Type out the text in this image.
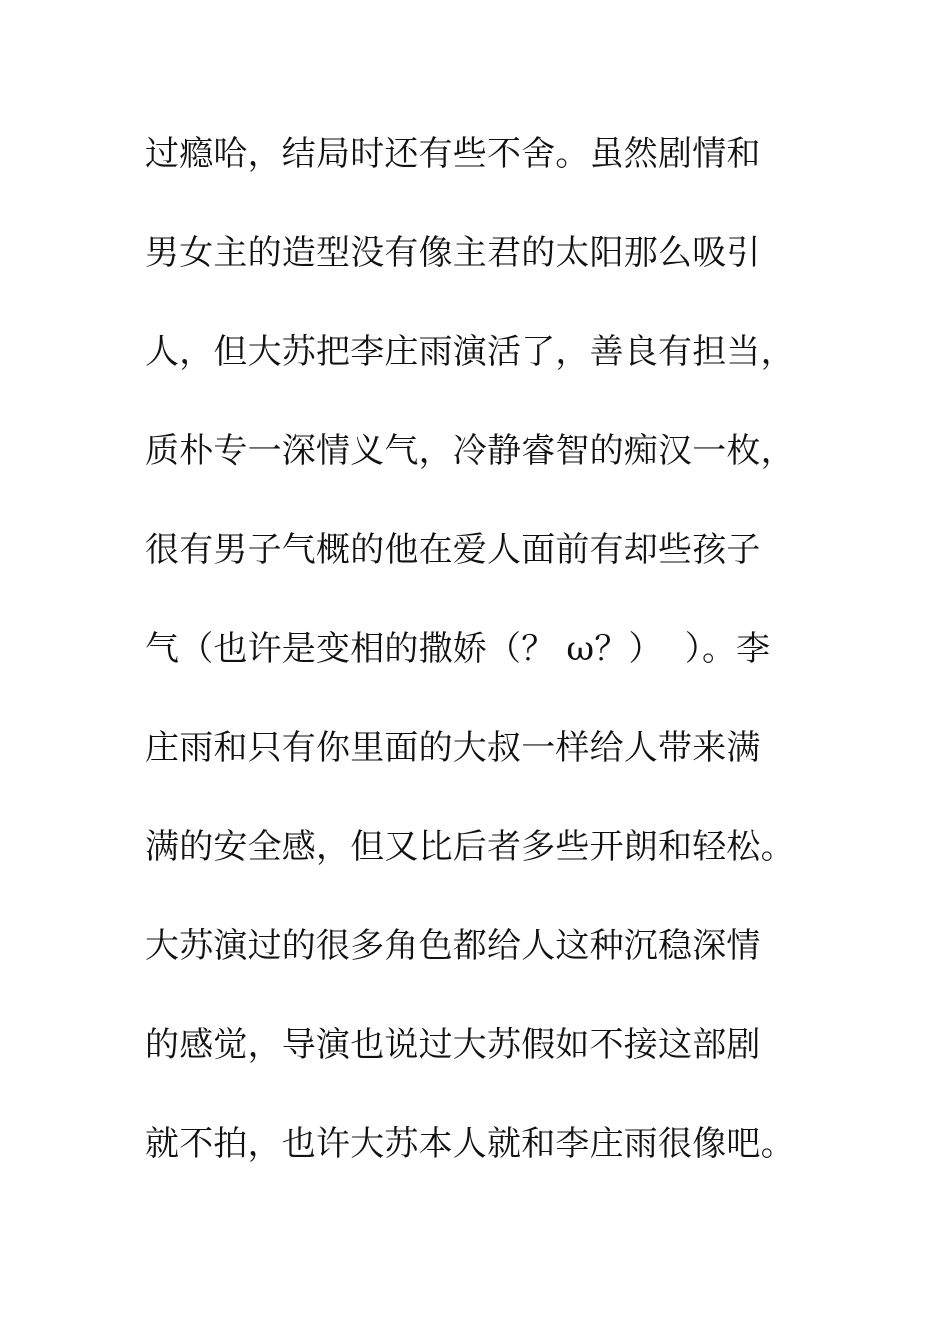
过瘾哈，结局时还有些不舍。虽然剧情和
男女主的造型没有像主君的太阳那么吸引
人，但大苏把李庄雨演活了，善良有担当，
质朴专一深情义气，冷静睿智的痴汉一枚，
很有男子气概的他在爱人面前有却些孩子
气（也许是变相的撒娇（？ ω？）  ）。李
庄雨和只有你里面的大叔一样给人带来满
满的安全感，但又比后者多些开朗和轻松。
大苏演过的很多角色都给人这种沉稳深情
的感觉，导演也说过大苏假如不接这部剧
就不拍，也许大苏本人就和李庄雨很像吧。
